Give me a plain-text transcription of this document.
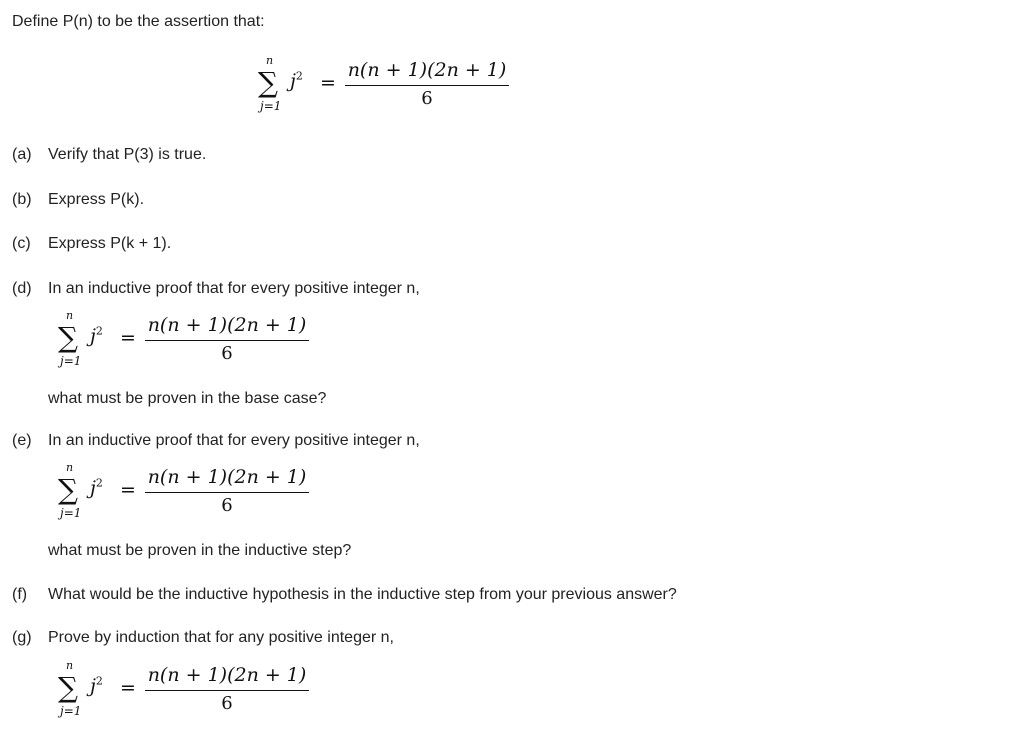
Define P(n) to be the assertion that:
n
∑
j=1
$j^2$ =
n(n + 1)(2n + 1)
6
(a) Verify that P(3) is true.
(b) Express P(k).
(c) Express P(k + 1).
(d) In an inductive proof that for every positive integer n,
n
∑
j=1
$j^2$ =
n(n + 1)(2n + 1)
6
what must be proven in the base case?
(e) In an inductive proof that for every positive integer n,
n
∑
j=1
$j^2$ =
n(n + 1)(2n + 1)
6
what must be proven in the inductive step?
(f) What would be the inductive hypothesis in the inductive step from your previous answer?
(g) Prove by induction that for any positive integer n,
n
∑
j=1
$j^2$ =
n(n + 1)(2n + 1)
6
